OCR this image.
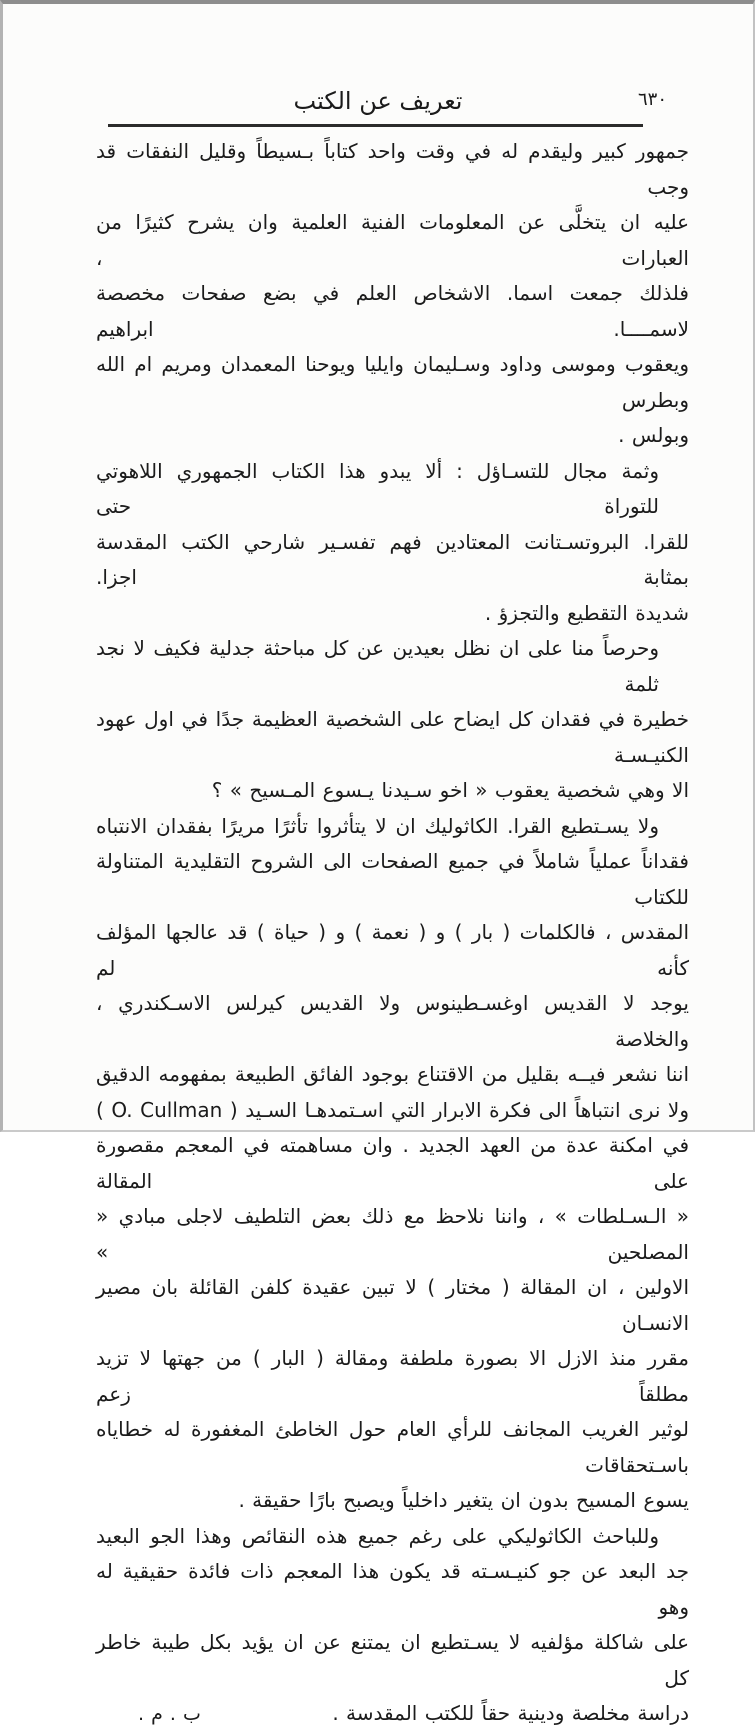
٦٣٠
تعريف عن الكتب
جمهور كبير وليقدم له في وقت واحد كتاباً بـسيطاً وقليل النفقات قد وجب
عليه ان يتخلَّى عن المعلومات الفنية العلمية وان يشرح كثيرًا من العبارات ،
فلذلك جمعت اسما. الاشخاص العلم في بضع صفحات مخصصة لاسمــــا. ابراهيم
ويعقوب وموسى وداود وسـليمان وايليا ويوحنا المعمدان ومريم ام الله وبطرس
وبولس .
وثمة مجال للتسـاؤل : ألا يبدو هذا الكتاب الجمهوري اللاهوتي للتوراة حتى
للقرا. البروتسـتانت المعتادين فهم تفسـير شارحي الكتب المقدسة بمثابة اجزا.
شديدة التقطيع والتجزؤ .
وحرصاً منا على ان نظل بعيدين عن كل مباحثة جدلية فكيف لا نجد ثلمة
خطيرة في فقدان كل ايضاح على الشخصية العظيمة جدًا في اول عهود الكنيـسـة
الا وهي شخصية يعقوب « اخو سـيدنا يـسوع المـسيح » ؟
ولا يسـتطيع القرا. الكاثوليك ان لا يتأثروا تأثرًا مريرًا بفقدان الانتباه
فقداناً عملياً شاملاً في جميع الصفحات الى الشروح التقليدية المتناولة للكتاب
المقدس ، فالكلمات ( بار ) و ( نعمة ) و ( حياة ) قد عالجها المؤلف كأنه لم
يوجد لا القديس اوغسـطينوس ولا القديس كيرلس الاسـكندري ، والخلاصة
اننا نشعر فيــه بقليل من الاقتناع بوجود الفائق الطبيعة بمفهومه الدقيق
ولا نرى انتباهاً الى فكرة الابرار التي اسـتمدهـا السـيد ( O. Cullman )
في امكنة عدة من العهد الجديد . وان مساهمته في المعجم مقصورة على المقالة
« الـسـلطات » ، واننا نلاحظ مع ذلك بعض التلطيف لاجلى مبادي « المصلحين »
الاولين ، ان المقالة ( مختار ) لا تبين عقيدة كلفن القائلة بان مصير الانسـان
مقرر منذ الازل الا بصورة ملطفة ومقالة ( البار ) من جهتها لا تزيد مطلقاً زعم
لوثير الغريب المجانف للرأي العام حول الخاطئ المغفورة له خطاياه باسـتحقاقات
يسوع المسيح بدون ان يتغير داخلياً ويصبح بارًا حقيقة .
وللباحث الكاثوليكي على رغم جميع هذه النقائص وهذا الجو البعيد
جد البعد عن جو كنيـسـته قد يكون هذا المعجم ذات فائدة حقيقية له وهو
على شاكلة مؤلفيه لا يسـتطيع ان يمتنع عن ان يؤيد بكل طيبة خاطر كل
دراسة مخلصة ودينية حقاً للكتب المقدسة .
ب . م .
